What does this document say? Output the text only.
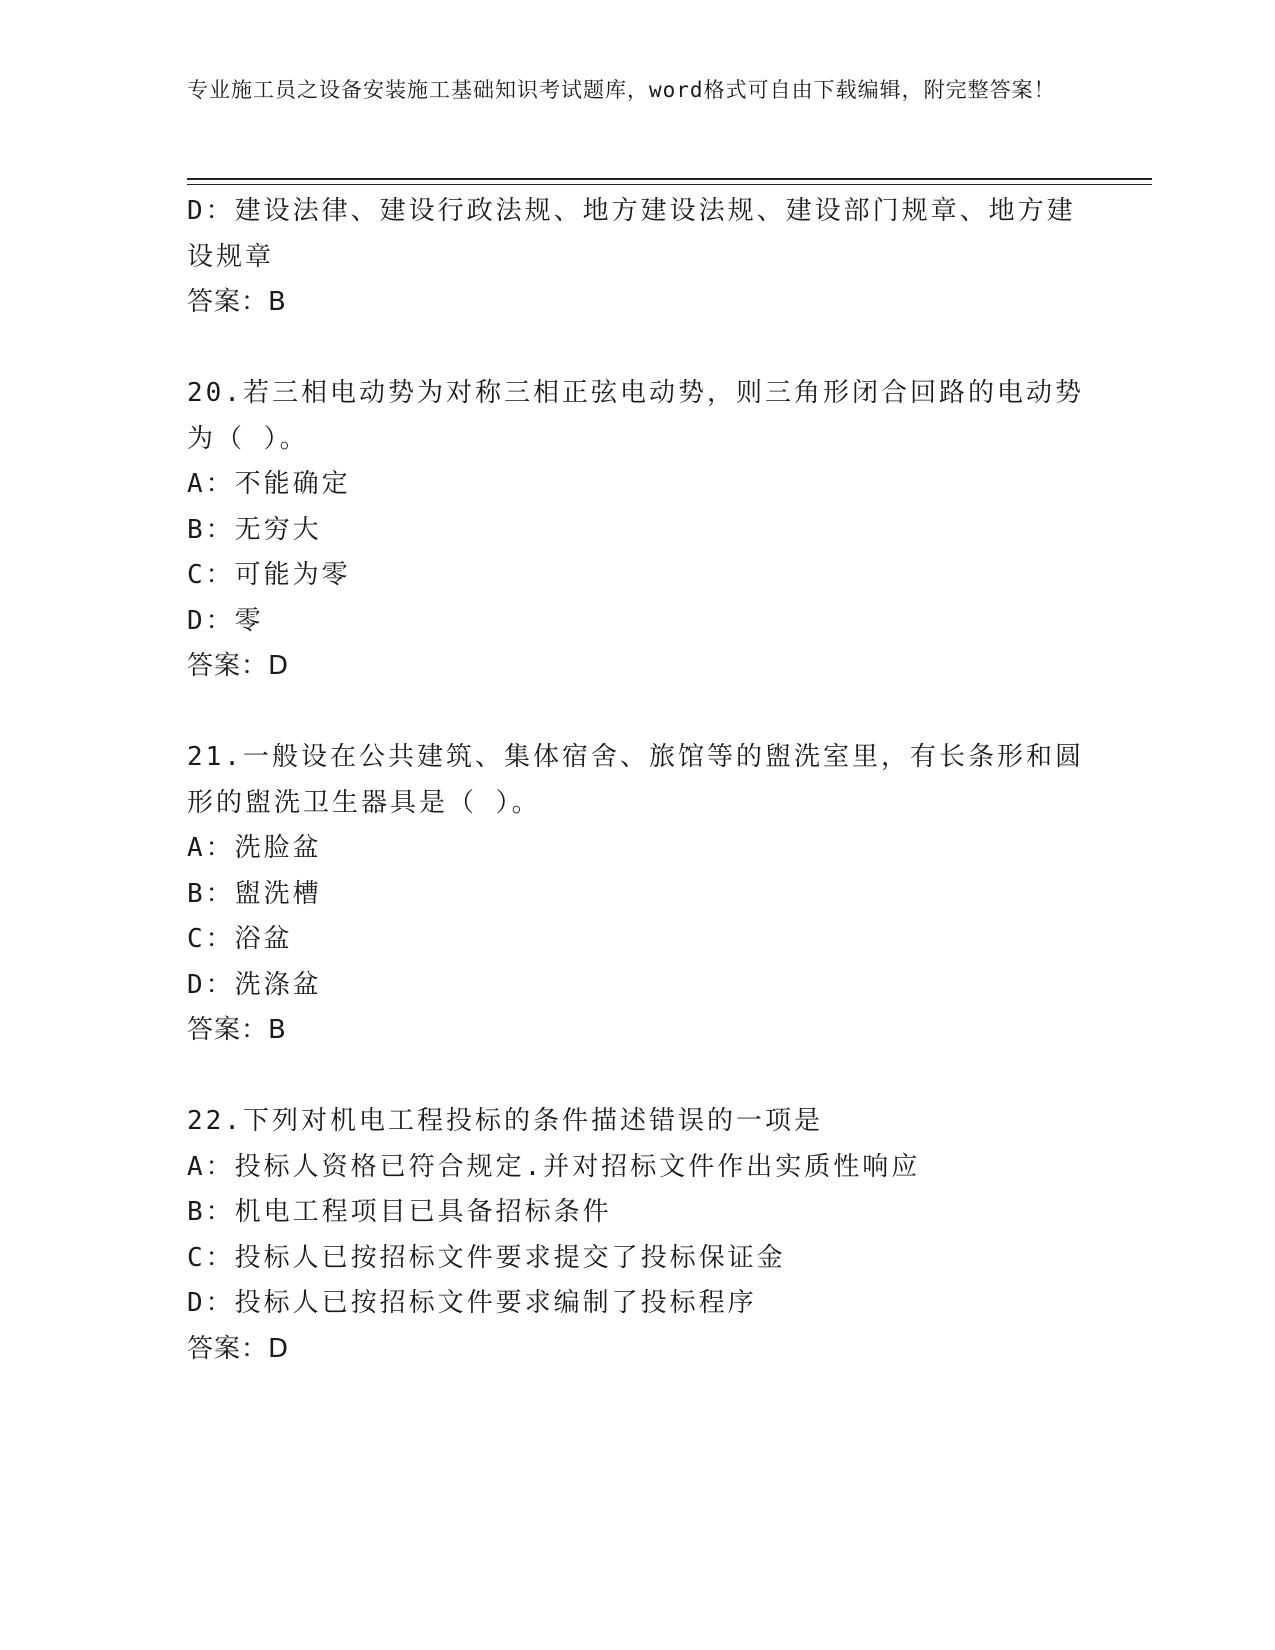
专业施工员之设备安装施工基础知识考试题库，word格式可自由下载编辑，附完整答案！
D：建设法律、建设行政法规、地方建设法规、建设部门规章、地方建
设规章
答案：B
20.若三相电动势为对称三相正弦电动势，则三角形闭合回路的电动势
为（ ）。
A：不能确定
B：无穷大
C：可能为零
D：零
答案：D
21.一般设在公共建筑、集体宿舍、旅馆等的盥洗室里，有长条形和圆
形的盥洗卫生器具是（ ）。
A：洗脸盆
B：盥洗槽
C：浴盆
D：洗涤盆
答案：B
22.下列对机电工程投标的条件描述错误的一项是
A：投标人资格已符合规定.并对招标文件作出实质性响应
B：机电工程项目已具备招标条件
C：投标人已按招标文件要求提交了投标保证金
D：投标人已按招标文件要求编制了投标程序
答案：D
